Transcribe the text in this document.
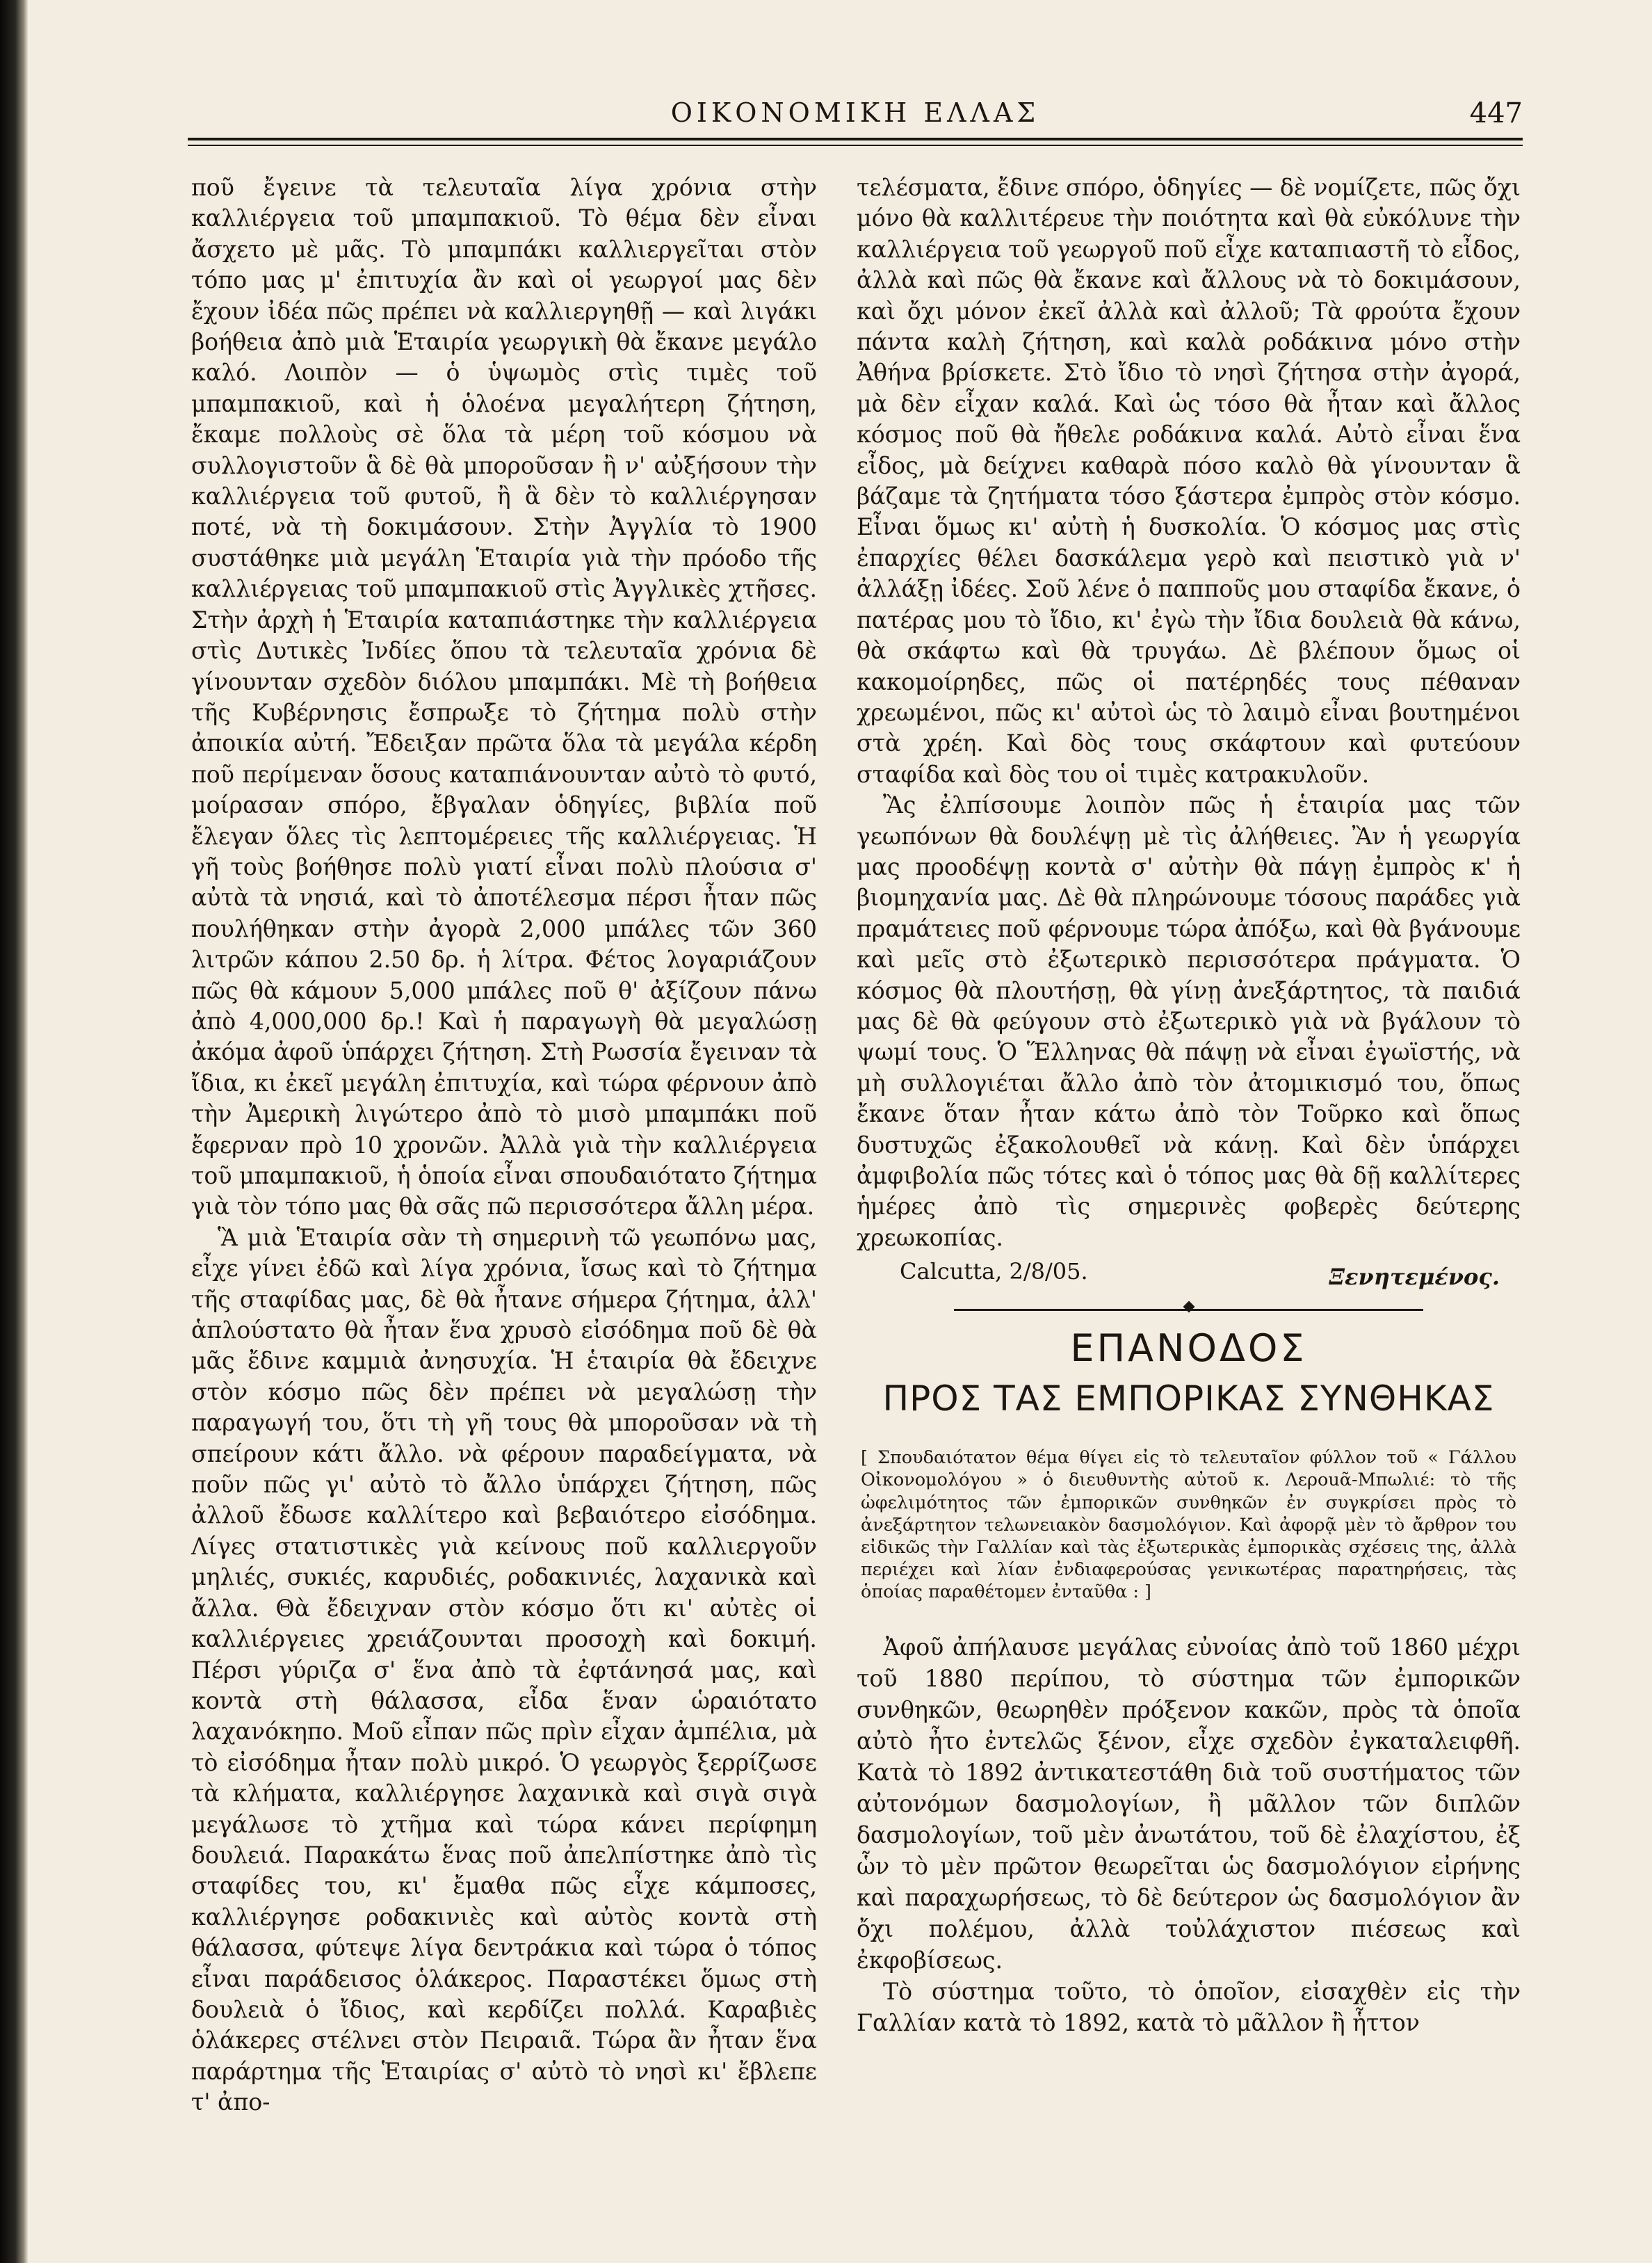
ΟΙΚΟΝΟΜΙΚΗ ΕΛΛΑΣ	447

ποῦ ἔγεινε τὰ τελευταῖα λίγα χρόνια στὴν καλλιέργεια τοῦ μπαμπακιοῦ. Τὸ θέμα δὲν εἶναι ἄσχετο μὲ μᾶς. Τὸ μπαμπάκι καλλιεργεῖται στὸν τόπο μας μ' ἐπιτυχία ἂν καὶ οἱ γεωργοί μας δὲν ἔχουν ἰδέα πῶς πρέπει νὰ καλλιεργηθῇ — καὶ λιγάκι βοήθεια ἀπὸ μιὰ Ἑταιρία γεωργικὴ θὰ ἔκανε μεγάλο καλό. Λοιπὸν — ὁ ὑψωμὸς στὶς τιμὲς τοῦ μπαμπακιοῦ, καὶ ἡ ὁλοένα μεγαλήτερη ζήτηση, ἔκαμε πολλοὺς σὲ ὅλα τὰ μέρη τοῦ κόσμου νὰ συλλογιστοῦν ἃ δὲ θὰ μποροῦσαν ἢ ν' αὐξήσουν τὴν καλλιέργεια τοῦ φυτοῦ, ἢ ἃ δὲν τὸ καλλιέργησαν ποτέ, νὰ τὴ δοκιμάσουν. Στὴν Ἀγγλία τὸ 1900 συστάθηκε μιὰ μεγάλη Ἑταιρία γιὰ τὴν πρόοδο τῆς καλλιέργειας τοῦ μπαμπακιοῦ στὶς Ἀγγλικὲς χτῆσες. Στὴν ἀρχὴ ἡ Ἑταιρία καταπιάστηκε τὴν καλλιέργεια στὶς Δυτικὲς Ἰνδίες ὅπου τὰ τελευταῖα χρόνια δὲ γίνουνταν σχεδὸν διόλου μπαμπάκι. Μὲ τὴ βοήθεια τῆς Κυβέρνησις ἔσπρωξε τὸ ζήτημα πολὺ στὴν ἀποικία αὐτή. Ἔδειξαν πρῶτα ὅλα τὰ μεγάλα κέρδη ποῦ περίμεναν ὅσους καταπιάνουνταν αὐτὸ τὸ φυτό, μοίρασαν σπόρο, ἔβγαλαν ὁδηγίες, βιβλία ποῦ ἔλεγαν ὅλες τὶς λεπτομέρειες τῆς καλλιέργειας. Ἡ γῆ τοὺς βοήθησε πολὺ γιατί εἶναι πολὺ πλούσια σ' αὐτὰ τὰ νησιά, καὶ τὸ ἀποτέλεσμα πέρσι ἦταν πῶς πουλήθηκαν στὴν ἀγορὰ 2,000 μπάλες τῶν 360 λιτρῶν κάπου 2.50 δρ. ἡ λίτρα. Φέτος λογαριάζουν πῶς θὰ κάμουν 5,000 μπάλες ποῦ θ' ἀξίζουν πάνω ἀπὸ 4,000,000 δρ.! Καὶ ἡ παραγωγὴ θὰ μεγαλώσῃ ἀκόμα ἀφοῦ ὑπάρχει ζήτηση. Στὴ Ρωσσία ἔγειναν τὰ ἴδια, κι ἐκεῖ μεγάλη ἐπιτυχία, καὶ τώρα φέρνουν ἀπὸ τὴν Ἀμερικὴ λιγώτερο ἀπὸ τὸ μισὸ μπαμπάκι ποῦ ἔφερναν πρὸ 10 χρονῶν. Ἀλλὰ γιὰ τὴν καλλιέργεια τοῦ μπαμπακιοῦ, ἡ ὁποία εἶναι σπουδαιότατο ζήτημα γιὰ τὸν τόπο μας θὰ σᾶς πῶ περισσότερα ἄλλη μέρα.

Ἃ μιὰ Ἑταιρία σὰν τὴ σημερινὴ τῶ γεωπόνω μας, εἶχε γίνει ἐδῶ καὶ λίγα χρόνια, ἴσως καὶ τὸ ζήτημα τῆς σταφίδας μας, δὲ θὰ ἦτανε σήμερα ζήτημα, ἀλλ' ἁπλούστατο θὰ ἦταν ἕνα χρυσὸ εἰσόδημα ποῦ δὲ θὰ μᾶς ἔδινε καμμιὰ ἀνησυχία. Ἡ ἑταιρία θὰ ἔδειχνε στὸν κόσμο πῶς δὲν πρέπει νὰ μεγαλώσῃ τὴν παραγωγή του, ὅτι τὴ γῆ τους θὰ μποροῦσαν νὰ τὴ σπείρουν κάτι ἄλλο. νὰ φέρουν παραδείγματα, νὰ ποῦν πῶς γι' αὐτὸ τὸ ἄλλο ὑπάρχει ζήτηση, πῶς ἀλλοῦ ἔδωσε καλλίτερο καὶ βεβαιότερο εἰσόδημα. Λίγες στατιστικὲς γιὰ κείνους ποῦ καλλιεργοῦν μηλιές, συκιές, καρυδιές, ροδακινιές, λαχανικὰ καὶ ἄλλα. Θὰ ἔδειχναν στὸν κόσμο ὅτι κι' αὐτὲς οἱ καλλιέργειες χρειάζουνται προσοχὴ καὶ δοκιμή. Πέρσι γύριζα σ' ἕνα ἀπὸ τὰ ἐφτάνησά μας, καὶ κοντὰ στὴ θάλασσα, εἶδα ἕναν ὡραιότατο λαχανόκηπο. Μοῦ εἶπαν πῶς πρὶν εἶχαν ἀμπέλια, μὰ τὸ εἰσόδημα ἦταν πολὺ μικρό. Ὁ γεωργὸς ξερρίζωσε τὰ κλήματα, καλλιέργησε λαχανικὰ καὶ σιγὰ σιγὰ μεγάλωσε τὸ χτῆμα καὶ τώρα κάνει περίφημη δουλειά. Παρακάτω ἕνας ποῦ ἀπελπίστηκε ἀπὸ τὶς σταφίδες του, κι' ἔμαθα πῶς εἶχε κάμποσες, καλλιέργησε ροδακινιὲς καὶ αὐτὸς κοντὰ στὴ θάλασσα, φύτεψε λίγα δεντράκια καὶ τώρα ὁ τόπος εἶναι παράδεισος ὁλάκερος. Παραστέκει ὅμως στὴ δουλειὰ ὁ ἴδιος, καὶ κερδίζει πολλά. Καραβιὲς ὁλάκερες στέλνει στὸν Πειραιᾶ. Τώρα ἂν ἦταν ἕνα παράρτημα τῆς Ἑταιρίας σ' αὐτὸ τὸ νησὶ κι' ἔβλεπε τ' ἀπο-

τελέσματα, ἔδινε σπόρο, ὁδηγίες — δὲ νομίζετε, πῶς ὄχι μόνο θὰ καλλιτέρευε τὴν ποιότητα καὶ θὰ εὐκόλυνε τὴν καλλιέργεια τοῦ γεωργοῦ ποῦ εἶχε καταπιαστῆ τὸ εἶδος, ἀλλὰ καὶ πῶς θὰ ἔκανε καὶ ἄλλους νὰ τὸ δοκιμάσουν, καὶ ὄχι μόνον ἐκεῖ ἀλλὰ καὶ ἀλλοῦ; Τὰ φρούτα ἔχουν πάντα καλὴ ζήτηση, καὶ καλὰ ροδάκινα μόνο στὴν Ἀθήνα βρίσκετε. Στὸ ἴδιο τὸ νησὶ ζήτησα στὴν ἀγορά, μὰ δὲν εἶχαν καλά. Καὶ ὡς τόσο θὰ ἦταν καὶ ἄλλος κόσμος ποῦ θὰ ἤθελε ροδάκινα καλά. Αὐτὸ εἶναι ἕνα εἶδος, μὰ δείχνει καθαρὰ πόσο καλὸ θὰ γίνουνταν ἃ βάζαμε τὰ ζητήματα τόσο ξάστερα ἐμπρὸς στὸν κόσμο. Εἶναι ὅμως κι' αὐτὴ ἡ δυσκολία. Ὁ κόσμος μας στὶς ἐπαρχίες θέλει δασκάλεμα γερὸ καὶ πειστικὸ γιὰ ν' ἀλλάξῃ ἰδέες. Σοῦ λένε ὁ παπποῦς μου σταφίδα ἔκανε, ὁ πατέρας μου τὸ ἴδιο, κι' ἐγὼ τὴν ἴδια δουλειὰ θὰ κάνω, θὰ σκάφτω καὶ θὰ τρυγάω. Δὲ βλέπουν ὅμως οἱ κακομοίρηδες, πῶς οἱ πατέρηδές τους πέθαναν χρεωμένοι, πῶς κι' αὐτοὶ ὡς τὸ λαιμὸ εἶναι βουτημένοι στὰ χρέη. Καὶ δὸς τους σκάφτουν καὶ φυτεύουν σταφίδα καὶ δὸς του οἱ τιμὲς κατρακυλοῦν.

Ἂς ἐλπίσουμε λοιπὸν πῶς ἡ ἑταιρία μας τῶν γεωπόνων θὰ δουλέψῃ μὲ τὶς ἀλήθειες. Ἂν ἡ γεωργία μας προοδέψῃ κοντὰ σ' αὐτὴν θὰ πάγῃ ἐμπρὸς κ' ἡ βιομηχανία μας. Δὲ θὰ πληρώνουμε τόσους παράδες γιὰ πραμάτειες ποῦ φέρνουμε τώρα ἀπόξω, καὶ θὰ βγάνουμε καὶ μεῖς στὸ ἐξωτερικὸ περισσότερα πράγματα. Ὁ κόσμος θὰ πλουτήσῃ, θὰ γίνῃ ἀνεξάρτητος, τὰ παιδιά μας δὲ θὰ φεύγουν στὸ ἐξωτερικὸ γιὰ νὰ βγάλουν τὸ ψωμί τους. Ὁ Ἕλληνας θὰ πάψῃ νὰ εἶναι ἐγωϊστής, νὰ μὴ συλλογιέται ἄλλο ἀπὸ τὸν ἀτομικισμό του, ὅπως ἔκανε ὅταν ἦταν κάτω ἀπὸ τὸν Τοῦρκο καὶ ὅπως δυστυχῶς ἐξακολουθεῖ νὰ κάνῃ. Καὶ δὲν ὑπάρχει ἀμφιβολία πῶς τότες καὶ ὁ τόπος μας θὰ δῇ καλλίτερες ἡμέρες ἀπὸ τὶς σημερινὲς φοβερὲς δεύτερης χρεωκοπίας.

Calcutta, 2/8/05.	Ξενητεμένος.
ΕΠΑΝΟΔΟΣ
ΠΡΟΣ ΤΑΣ ΕΜΠΟΡΙΚΑΣ ΣΥΝΘΗΚΑΣ
[ Σπουδαιότατον θέμα θίγει εἰς τὸ τελευταῖον φύλλον τοῦ « Γάλλου Οἰκονομολόγου » ὁ διευθυντὴς αὐτοῦ κ. Λεροuᾶ-Μπωλιέ: τὸ τῆς ὠφελιμότητος τῶν ἐμπορικῶν συνθηκῶν ἐν συγκρίσει πρὸς τὸ ἀνεξάρτητον τελωνειακὸν δασμολόγιον. Καὶ ἀφορᾷ μὲν τὸ ἄρθρον του εἰδικῶς τὴν Γαλλίαν καὶ τὰς ἐξωτερικὰς ἐμπορικὰς σχέσεις της, ἀλλὰ περιέχει καὶ λίαν ἐνδιαφερούσας γενικωτέρας παρατηρήσεις, τὰς ὁποίας παραθέτομεν ἐνταῦθα : ]

Ἀφοῦ ἀπήλαυσε μεγάλας εὐνοίας ἀπὸ τοῦ 1860 μέχρι τοῦ 1880 περίπου, τὸ σύστημα τῶν ἐμπορικῶν συνθηκῶν, θεωρηθὲν πρόξενον κακῶν, πρὸς τὰ ὁποῖα αὐτὸ ἦτο ἐντελῶς ξένον, εἶχε σχεδὸν ἐγκαταλειφθῆ. Κατὰ τὸ 1892 ἀντικατεστάθη διὰ τοῦ συστήματος τῶν αὐτονόμων δασμολογίων, ἢ μᾶλλον τῶν διπλῶν δασμολογίων, τοῦ μὲν ἀνωτάτου, τοῦ δὲ ἐλαχίστου, ἐξ ὧν τὸ μὲν πρῶτον θεωρεῖται ὡς δασμολόγιον εἰρήνης καὶ παραχωρήσεως, τὸ δὲ δεύτερον ὡς δασμολόγιον ἂν ὄχι πολέμου, ἀλλὰ τοὐλάχιστον πιέσεως καὶ ἐκφοβίσεως.

Τὸ σύστημα τοῦτο, τὸ ὁποῖον, εἰσαχθὲν εἰς τὴν Γαλλίαν κατὰ τὸ 1892, κατὰ τὸ μᾶλλον ἢ ἧττον
